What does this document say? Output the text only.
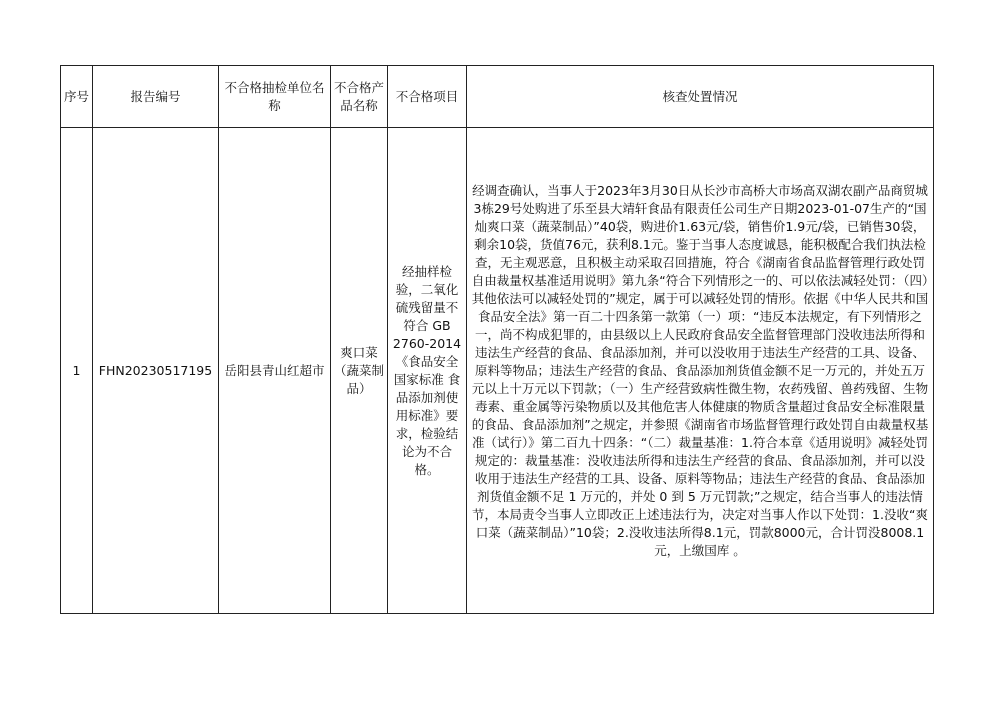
序号	报告编号	不合格抽检单位名称	不合格产品名称	不合格项目	核查处置情况
1	FHN20230517195	岳阳县青山红超市	爽口菜（蔬菜制品）	经抽样检验，二氧化硫残留量不符合 GB 2760-2014《食品安全国家标准 食品添加剂使用标准》要求，检验结论为不合格。	经调查确认，当事人于2023年3月30日从长沙市高桥大市场高双湖农副产品商贸城3栋29号处购进了乐至县大靖轩食品有限责任公司生产日期2023-01-07生产的“国灿爽口菜（蔬菜制品）”40袋，购进价1.63元/袋，销售价1.9元/袋，已销售30袋，剩余10袋，货值76元，获利8.1元。鉴于当事人态度诚恳，能积极配合我们执法检查，无主观恶意，且积极主动采取召回措施，符合《湖南省食品监督管理行政处罚自由裁量权基准适用说明》第九条“符合下列情形之一的、可以依法减轻处罚：（四）其他依法可以减轻处罚的”规定，属于可以减轻处罚的情形。依据《中华人民共和国食品安全法》第一百二十四条第一款第（一）项：“违反本法规定，有下列情形之一，尚不构成犯罪的，由县级以上人民政府食品安全监督管理部门没收违法所得和违法生产经营的食品、食品添加剂，并可以没收用于违法生产经营的工具、设备、原料等物品；违法生产经营的食品、食品添加剂货值金额不足一万元的，并处五万元以上十万元以下罚款；（一）生产经营致病性微生物，农药残留、兽药残留、生物毒素、重金属等污染物质以及其他危害人体健康的物质含量超过食品安全标准限量的食品、食品添加剂”之规定，并参照《湖南省市场监督管理行政处罚自由裁量权基准（试行）》第二百九十四条：“（二）裁量基准：1.符合本章《适用说明》减轻处罚规定的：裁量基准：没收违法所得和违法生产经营的食品、食品添加剂，并可以没收用于违法生产经营的工具、设备、原料等物品；违法生产经营的食品、食品添加剂货值金额不足 1 万元的，并处 0 到 5 万元罚款;”之规定，结合当事人的违法情节，本局责令当事人立即改正上述违法行为，决定对当事人作以下处罚：1.没收“爽口菜（蔬菜制品）”10袋；2.没收违法所得8.1元，罚款8000元，合计罚没8008.1元，上缴国库 。
